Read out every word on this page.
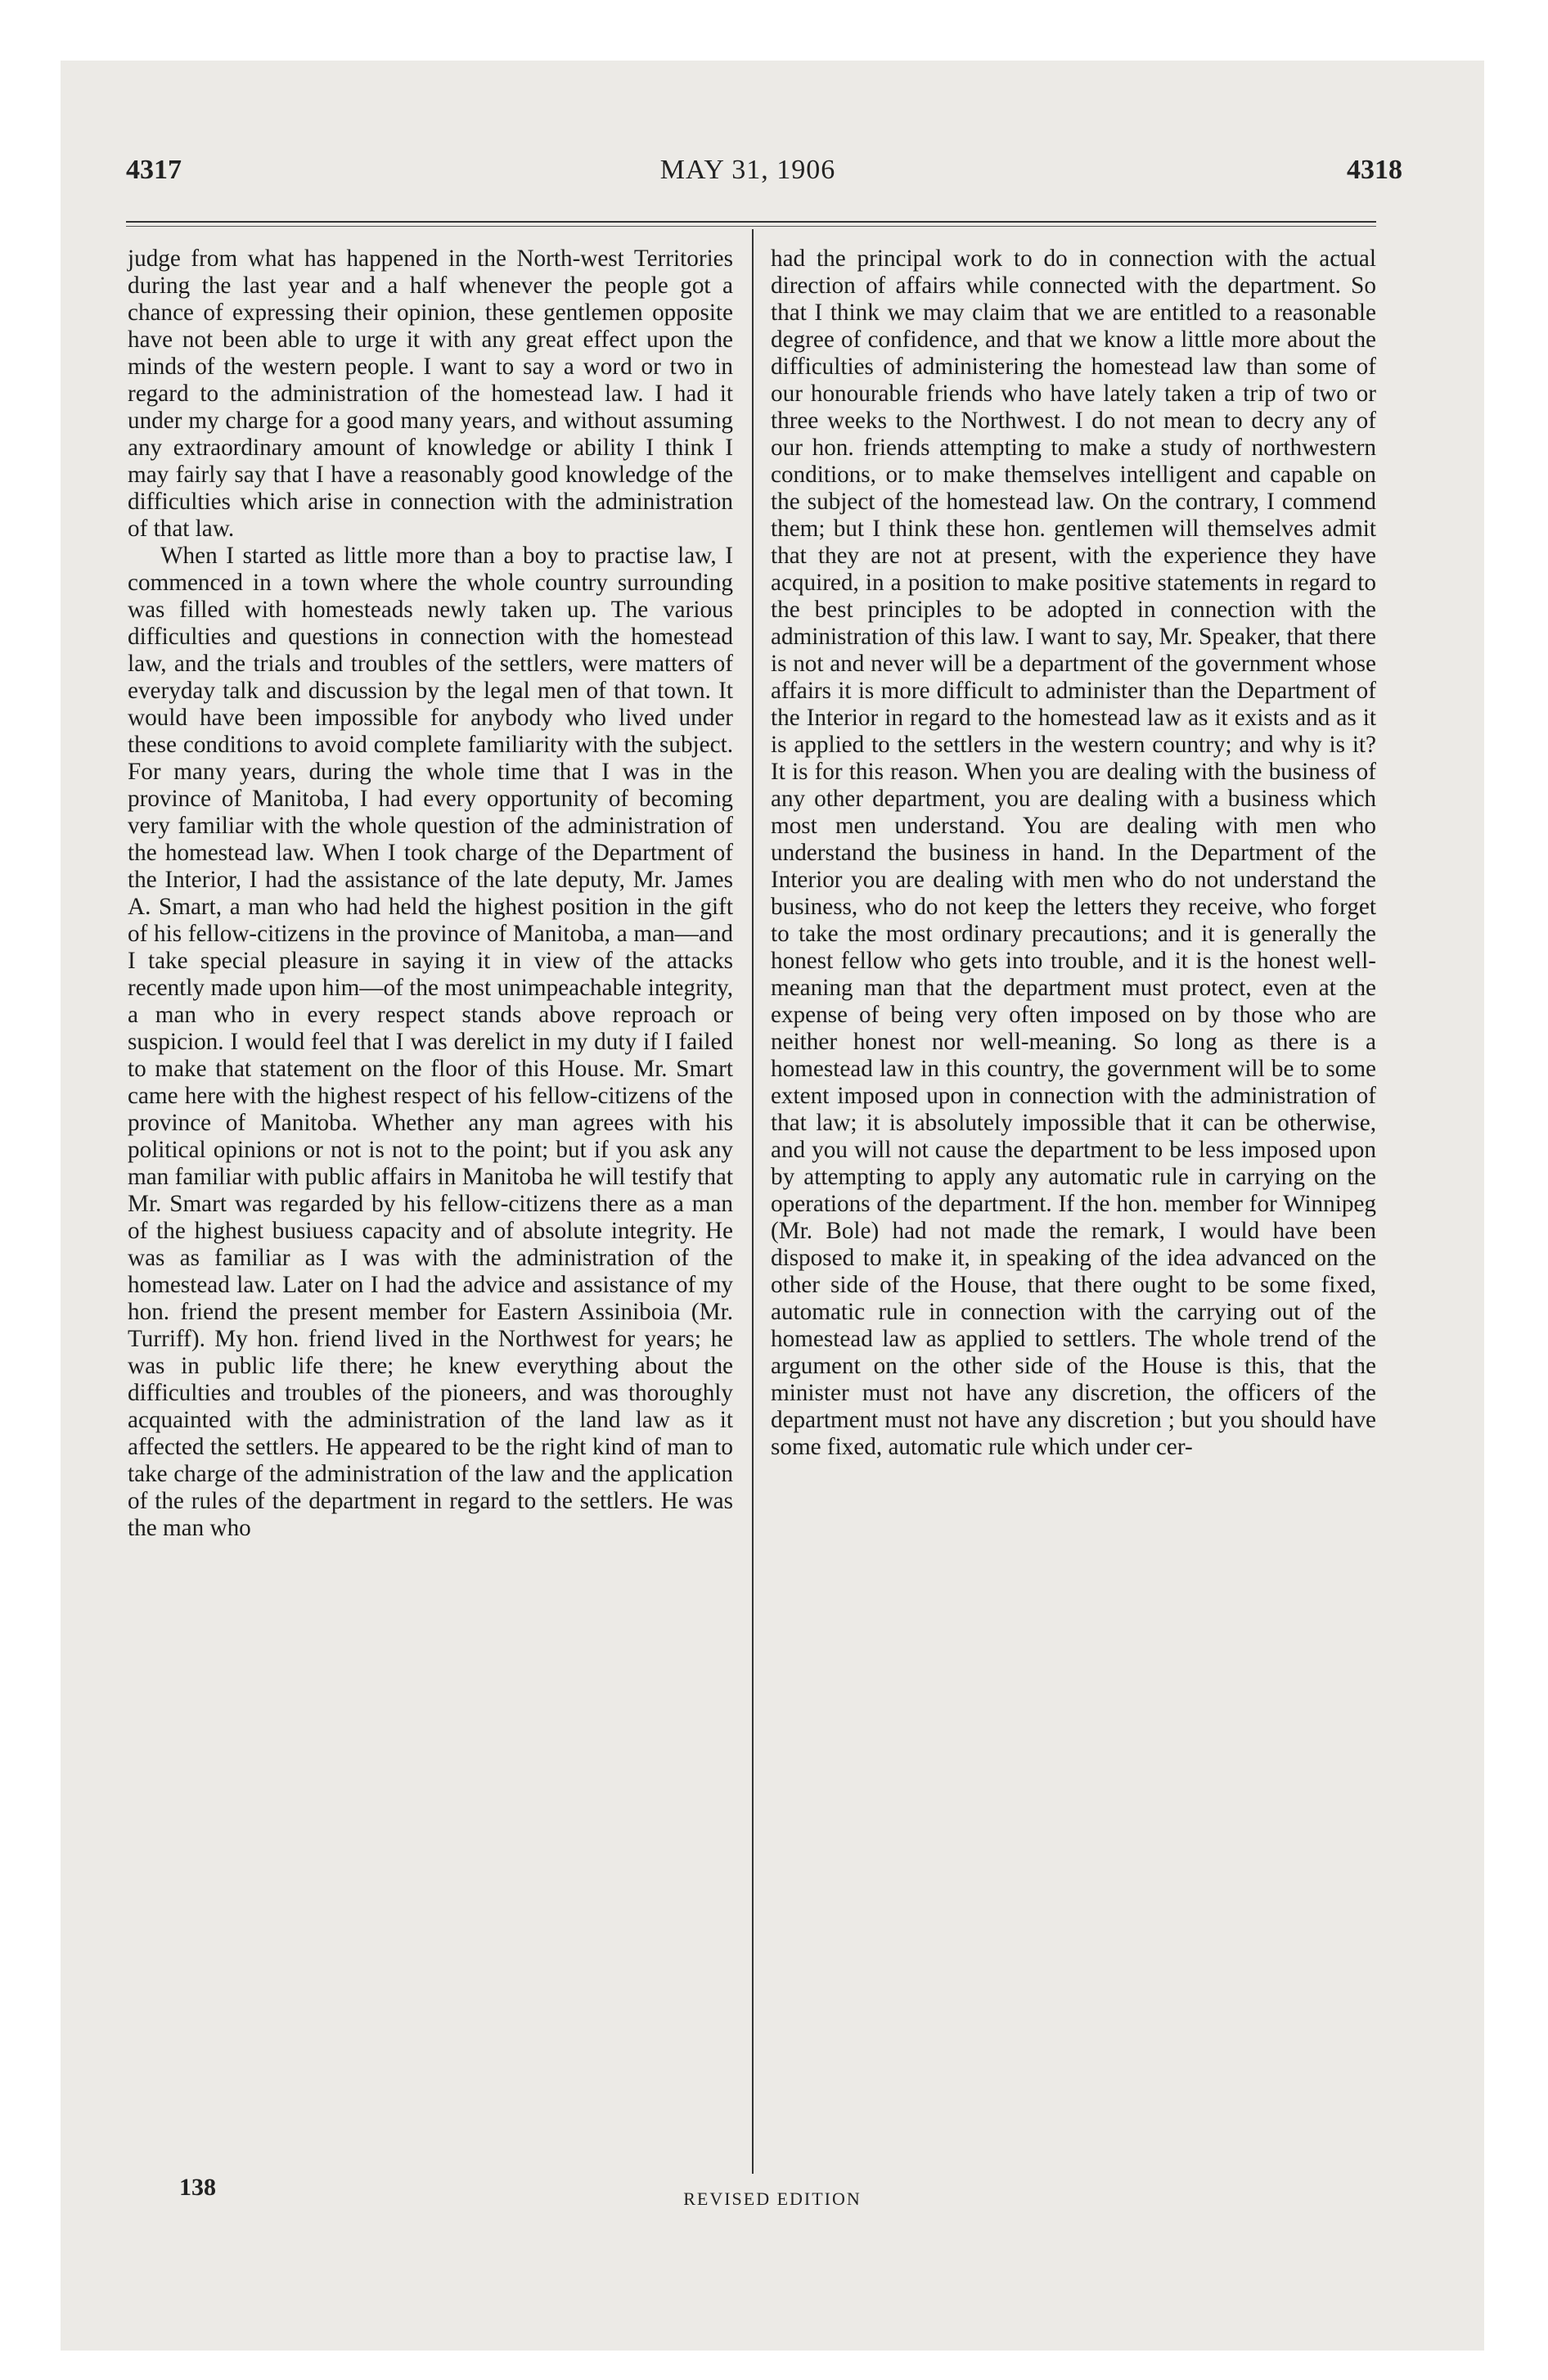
4317	MAY 31, 1906	4318

judge from what has happened in the North-west Territories during the last year and a half whenever the people got a chance of expressing their opinion, these gentlemen opposite have not been able to urge it with any great effect upon the minds of the western people. I want to say a word or two in regard to the administration of the homestead law. I had it under my charge for a good many years, and without assuming any extraordinary amount of knowledge or ability I think I may fairly say that I have a reasonably good knowledge of the difficulties which arise in connection with the administration of that law.

When I started as little more than a boy to practise law, I commenced in a town where the whole country surrounding was filled with homesteads newly taken up. The various difficulties and questions in connection with the homestead law, and the trials and troubles of the settlers, were matters of everyday talk and discussion by the legal men of that town. It would have been impossible for anybody who lived under these conditions to avoid complete familiarity with the subject. For many years, during the whole time that I was in the province of Manitoba, I had every opportunity of becoming very familiar with the whole question of the administration of the homestead law. When I took charge of the Department of the Interior, I had the assistance of the late deputy, Mr. James A. Smart, a man who had held the highest position in the gift of his fellow-citizens in the province of Manitoba, a man—and I take special pleasure in saying it in view of the attacks recently made upon him—of the most unimpeachable integrity, a man who in every respect stands above reproach or suspicion. I would feel that I was derelict in my duty if I failed to make that statement on the floor of this House. Mr. Smart came here with the highest respect of his fellow-citizens of the province of Manitoba. Whether any man agrees with his political opinions or not is not to the point; but if you ask any man familiar with public affairs in Manitoba he will testify that Mr. Smart was regarded by his fellow-citizens there as a man of the highest busiuess capacity and of absolute integrity. He was as familiar as I was with the administration of the homestead law. Later on I had the advice and assistance of my hon. friend the present member for Eastern Assiniboia (Mr. Turriff). My hon. friend lived in the Northwest for years; he was in public life there; he knew everything about the difficulties and troubles of the pioneers, and was thoroughly acquainted with the administration of the land law as it affected the settlers. He appeared to be the right kind of man to take charge of the administration of the law and the application of the rules of the department in regard to the settlers. He was the man who

had the principal work to do in connection with the actual direction of affairs while connected with the department. So that I think we may claim that we are entitled to a reasonable degree of confidence, and that we know a little more about the difficulties of administering the homestead law than some of our honourable friends who have lately taken a trip of two or three weeks to the Northwest. I do not mean to decry any of our hon. friends attempting to make a study of northwestern conditions, or to make themselves intelligent and capable on the subject of the homestead law. On the contrary, I commend them; but I think these hon. gentlemen will themselves admit that they are not at present, with the experience they have acquired, in a position to make positive statements in regard to the best principles to be adopted in connection with the administration of this law. I want to say, Mr. Speaker, that there is not and never will be a department of the government whose affairs it is more difficult to administer than the Department of the Interior in regard to the homestead law as it exists and as it is applied to the settlers in the western country; and why is it? It is for this reason. When you are dealing with the business of any other department, you are dealing with a business which most men understand. You are dealing with men who understand the business in hand. In the Department of the Interior you are dealing with men who do not understand the business, who do not keep the letters they receive, who forget to take the most ordinary precautions; and it is generally the honest fellow who gets into trouble, and it is the honest well-meaning man that the department must protect, even at the expense of being very often imposed on by those who are neither honest nor well-meaning. So long as there is a homestead law in this country, the government will be to some extent imposed upon in connection with the administration of that law; it is absolutely impossible that it can be otherwise, and you will not cause the department to be less imposed upon by attempting to apply any automatic rule in carrying on the operations of the department. If the hon. member for Winnipeg (Mr. Bole) had not made the remark, I would have been disposed to make it, in speaking of the idea advanced on the other side of the House, that there ought to be some fixed, automatic rule in connection with the carrying out of the homestead law as applied to settlers. The whole trend of the argument on the other side of the House is this, that the minister must not have any discretion, the officers of the department must not have any discretion ; but you should have some fixed, automatic rule which under cer-

138	REVISED EDITION
